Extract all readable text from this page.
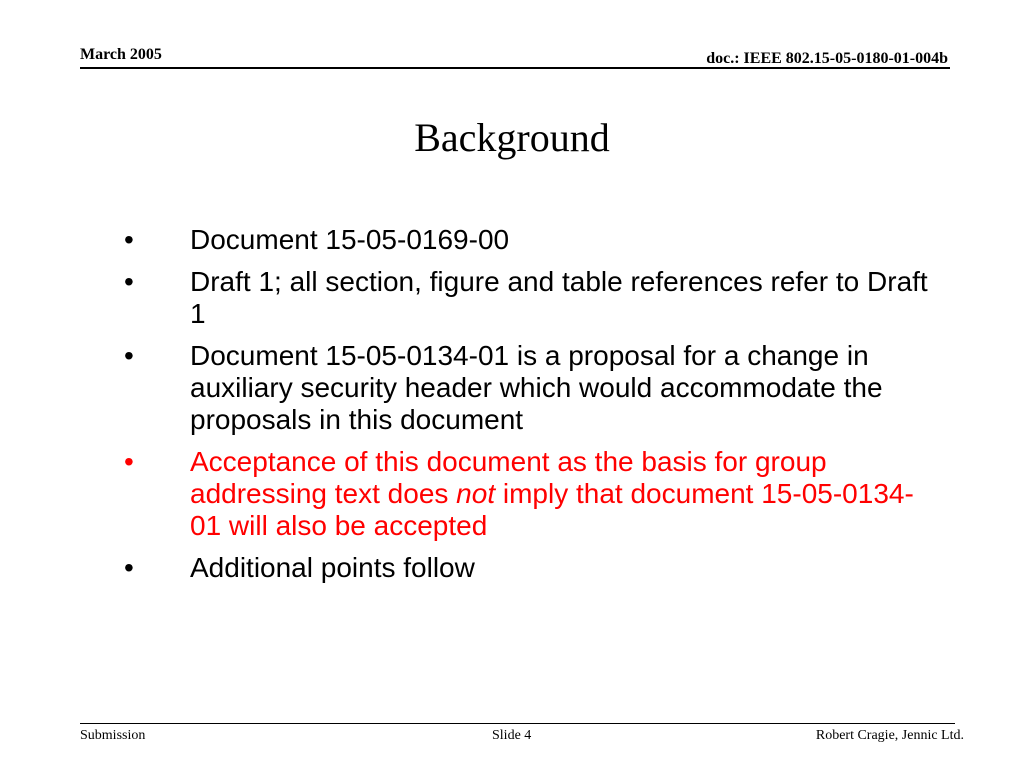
March 2005	doc.: IEEE 802.15-05-0180-01-004b
Background
•	Document 15-05-0169-00
•	Draft 1; all section, figure and table references refer to Draft 1
•	Document 15-05-0134-01 is a proposal for a change in auxiliary security header which would accommodate the proposals in this document
•	Acceptance of this document as the basis for group addressing text does not imply that document 15-05-0134-01 will also be accepted
•	Additional points follow
Submission	Slide 4	Robert Cragie, Jennic Ltd.
